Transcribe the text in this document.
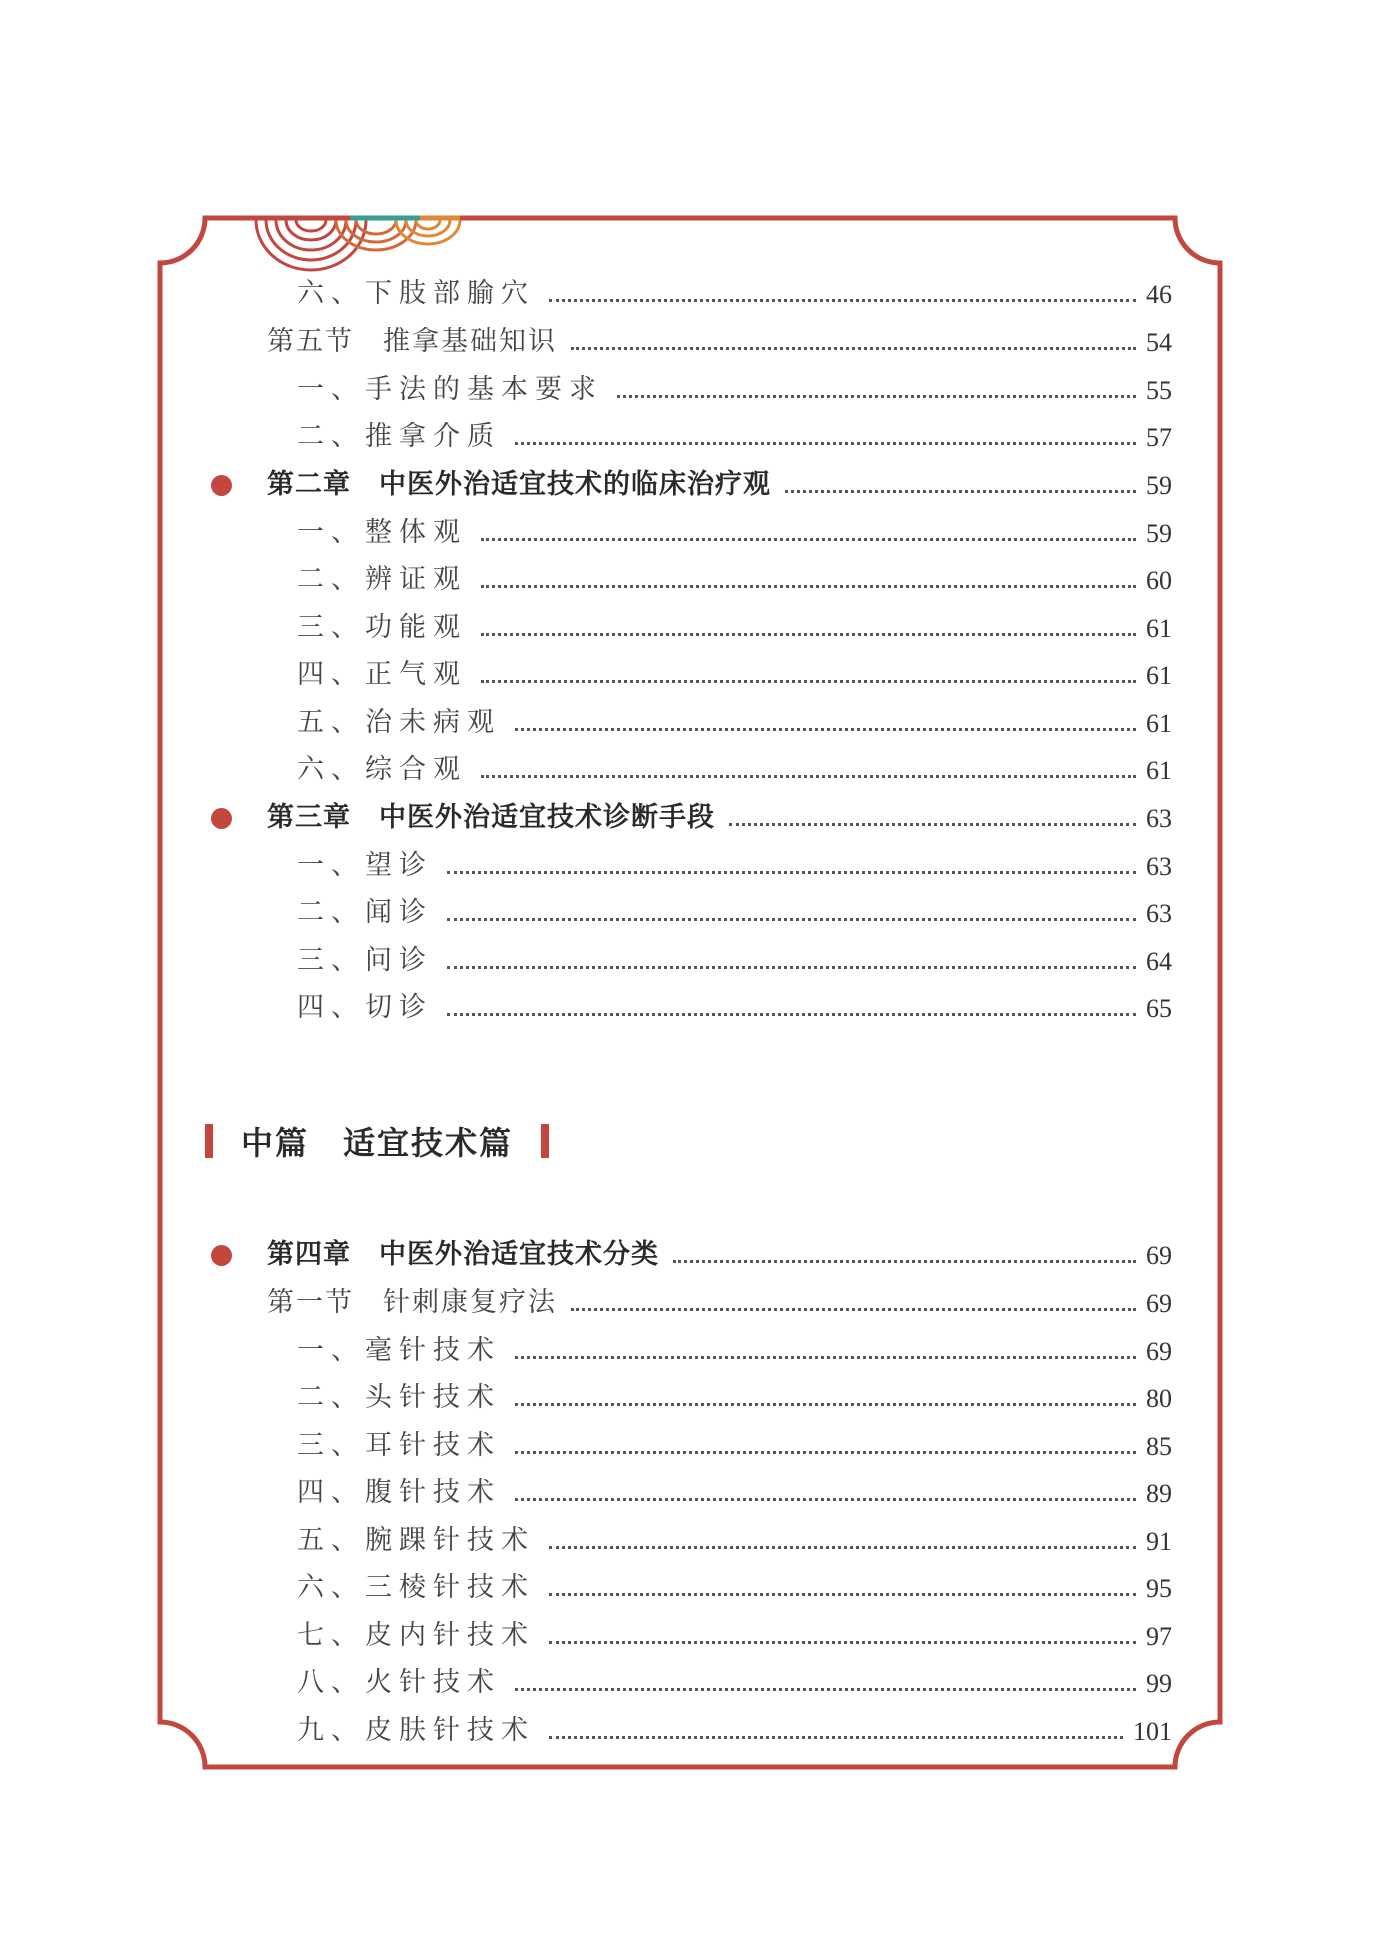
六、下肢部腧穴	46
第五节　推拿基础知识	54
一、手法的基本要求	55
二、推拿介质	57
第二章　中医外治适宜技术的临床治疗观	59
一、整体观	59
二、辨证观	60
三、功能观	61
四、正气观	61
五、治未病观	61
六、综合观	61
第三章　中医外治适宜技术诊断手段	63
一、望诊	63
二、闻诊	63
三、问诊	64
四、切诊	65
第四章　中医外治适宜技术分类	69
第一节　针刺康复疗法	69
一、毫针技术	69
二、头针技术	80
三、耳针技术	85
四、腹针技术	89
五、腕踝针技术	91
六、三棱针技术	95
七、皮内针技术	97
八、火针技术	99
九、皮肤针技术	101
中篇　适宜技术篇
